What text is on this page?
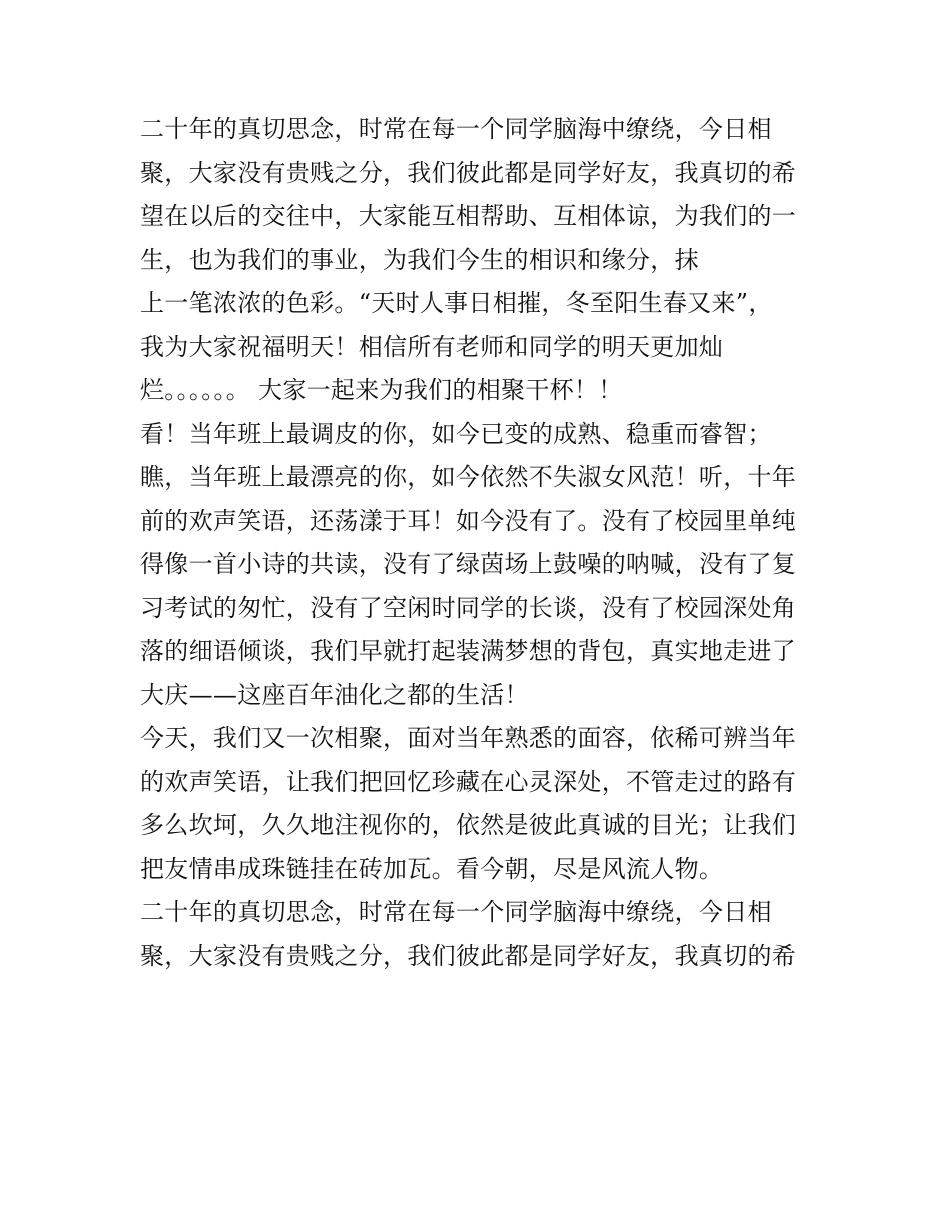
二十年的真切思念，时常在每一个同学脑海中缭绕，今日相
聚，大家没有贵贱之分，我们彼此都是同学好友，我真切的希
望在以后的交往中，大家能互相帮助、互相体谅，为我们的一
生，也为我们的事业，为我们今生的相识和缘分，抹
上一笔浓浓的色彩。“天时人事日相摧，冬至阳生春又来”，
我为大家祝福明天！相信所有老师和同学的明天更加灿
烂。。。。。。 大家一起来为我们的相聚干杯！！
看！当年班上最调皮的你，如今已变的成熟、稳重而睿智；
瞧，当年班上最漂亮的你，如今依然不失淑女风范！听，十年
前的欢声笑语，还荡漾于耳！如今没有了。没有了校园里单纯
得像一首小诗的共读，没有了绿茵场上鼓噪的呐喊，没有了复
习考试的匆忙，没有了空闲时同学的长谈，没有了校园深处角
落的细语倾谈，我们早就打起装满梦想的背包，真实地走进了
大庆——这座百年油化之都的生活！
今天，我们又一次相聚，面对当年熟悉的面容，依稀可辨当年
的欢声笑语，让我们把回忆珍藏在心灵深处，不管走过的路有
多么坎坷，久久地注视你的，依然是彼此真诚的目光；让我们
把友情串成珠链挂在砖加瓦。看今朝，尽是风流人物。
二十年的真切思念，时常在每一个同学脑海中缭绕，今日相
聚，大家没有贵贱之分，我们彼此都是同学好友，我真切的希
